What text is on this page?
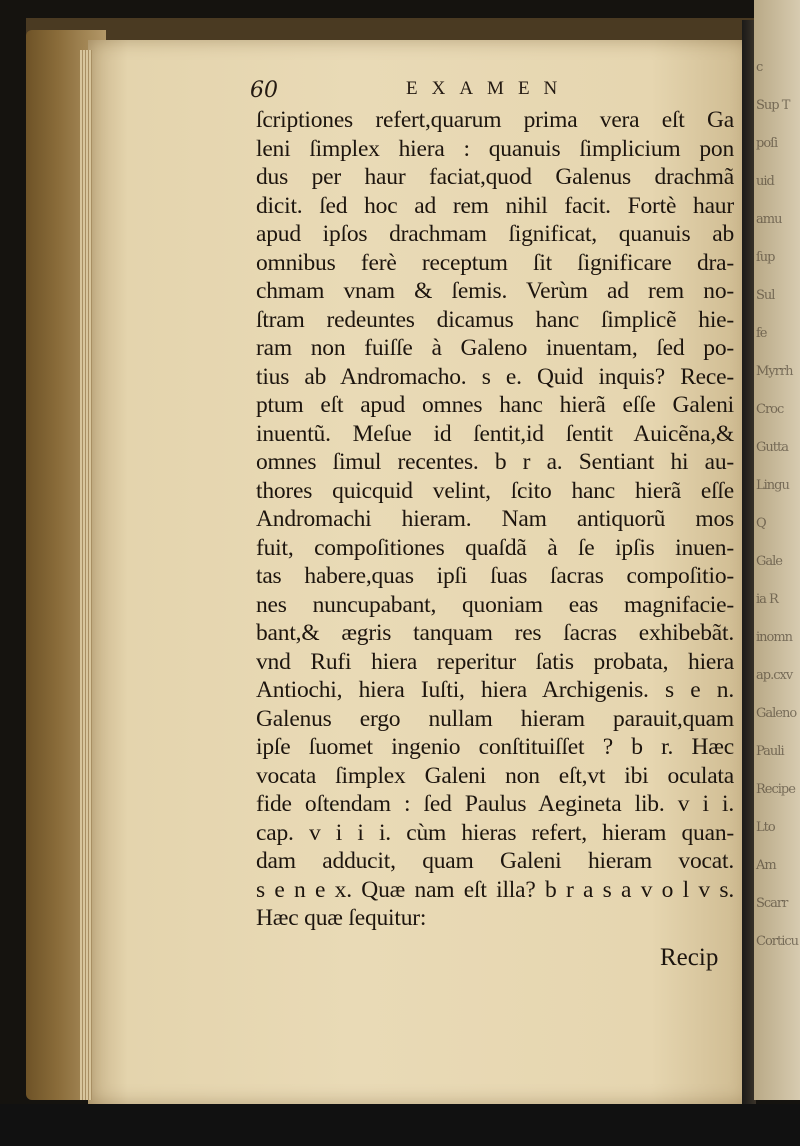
c
Sup T
poſi
uid
amu
ſup
Sul
fe
Myrrh
Croc
Gutta
Lingu
Q
Gale
ia R
inomn
ap.cxv
Galeno
Pauli
Recipe
Lto
Am
Scarr
Corticu
60	EXAMEN
ſcriptiones refert,quarum prima vera eſt Ga
leni ſimplex hiera : quanuis ſimplicium pon
dus per haur faciat,quod Galenus drachmã
dicit. ſed hoc ad rem nihil facit. Fortè haur
apud ipſos drachmam ſignificat, quanuis ab
omnibus ferè receptum ſit ſignificare dra-
chmam vnam & ſemis. Verùm ad rem no-
ſtram redeuntes dicamus hanc ſimplicẽ hie-
ram non fuiſſe à Galeno inuentam, ſed po-
tius ab Andromacho. s e. Quid inquis? Rece-
ptum eſt apud omnes hanc hierã eſſe Galeni
inuentũ. Meſue id ſentit,id ſentit Auicẽna,&
omnes ſimul recentes. b r a. Sentiant hi au-
thores quicquid velint, ſcito hanc hierã eſſe
Andromachi hieram. Nam antiquorũ mos
fuit, compoſitiones quaſdã à ſe ipſis inuen-
tas habere,quas ipſi ſuas ſacras compoſitio-
nes nuncupabant, quoniam eas magnifacie-
bant,& ægris tanquam res ſacras exhibebãt.
vnd Rufi hiera reperitur ſatis probata, hiera
Antiochi, hiera Iuſti, hiera Archigenis. s e n.
Galenus ergo nullam hieram parauit,quam
ipſe ſuomet ingenio conſtituiſſet ? b r. Hæc
vocata ſimplex Galeni non eſt,vt ibi oculata
fide oſtendam : ſed Paulus Aegineta lib. v i i.
cap. v i i i. cùm hieras refert, hieram quan-
dam adducit, quam Galeni hieram vocat.
s e n e x. Quæ nam eſt illa? b r a s a v o l v s.
Hæc quæ ſequitur:
Recip
